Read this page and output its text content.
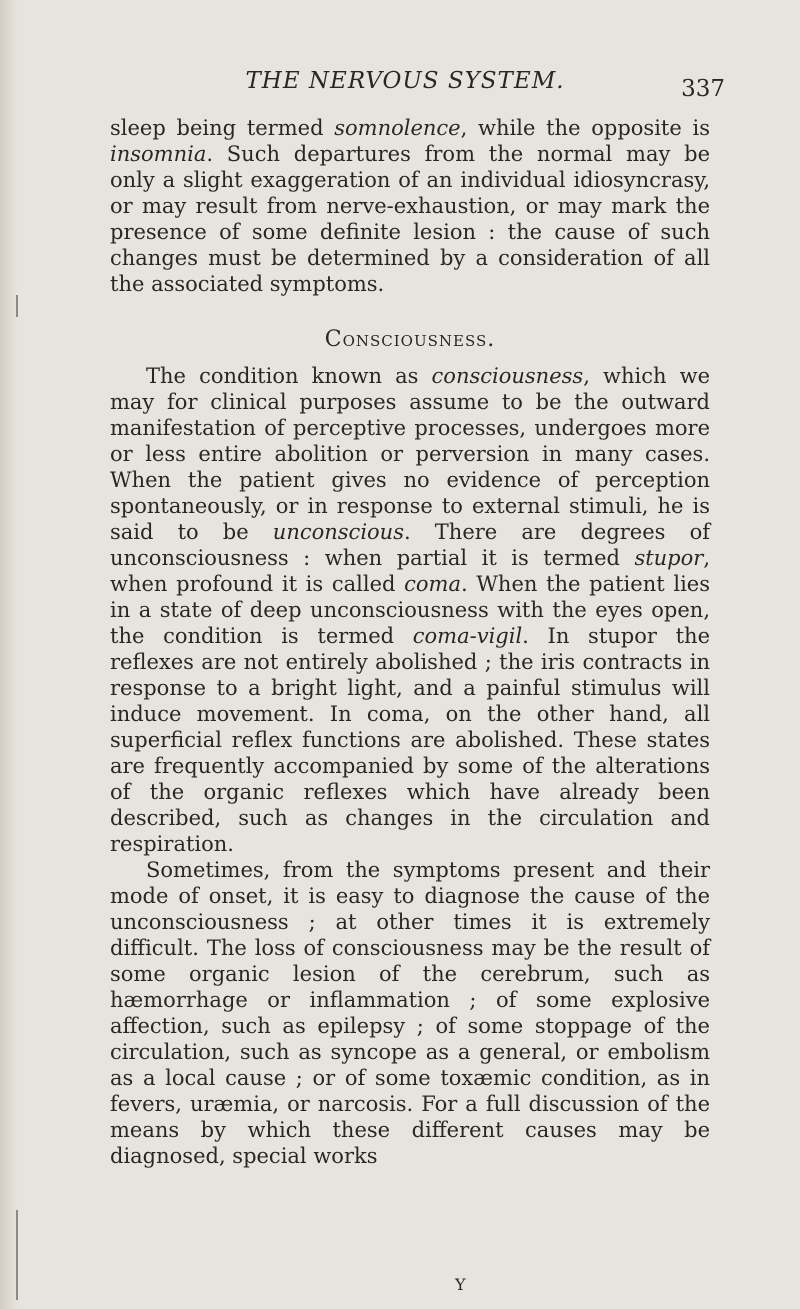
THE NERVOUS SYSTEM.	337

sleep being termed somnolence, while the opposite is insomnia. Such departures from the normal may be only a slight exaggeration of an individual idiosyncrasy, or may result from nerve-exhaustion, or may mark the presence of some definite lesion : the cause of such changes must be determined by a consideration of all the associated symptoms.

Consciousness.

The condition known as consciousness, which we may for clinical purposes assume to be the outward manifestation of perceptive processes, undergoes more or less entire abolition or perversion in many cases. When the patient gives no evidence of perception spontaneously, or in response to external stimuli, he is said to be unconscious. There are degrees of unconsciousness : when partial it is termed stupor, when profound it is called coma. When the patient lies in a state of deep unconsciousness with the eyes open, the condition is termed coma-vigil. In stupor the reflexes are not entirely abolished ; the iris contracts in response to a bright light, and a painful stimulus will induce movement. In coma, on the other hand, all superficial reflex functions are abolished. These states are frequently accompanied by some of the alterations of the organic reflexes which have already been described, such as changes in the circulation and respiration.

Sometimes, from the symptoms present and their mode of onset, it is easy to diagnose the cause of the unconsciousness ; at other times it is extremely difficult. The loss of consciousness may be the result of some organic lesion of the cerebrum, such as hæmorrhage or inflammation ; of some explosive affection, such as epilepsy ; of some stoppage of the circulation, such as syncope as a general, or embolism as a local cause ; or of some toxæmic condition, as in fevers, uræmia, or narcosis. For a full discussion of the means by which these different causes may be diagnosed, special works

Y
